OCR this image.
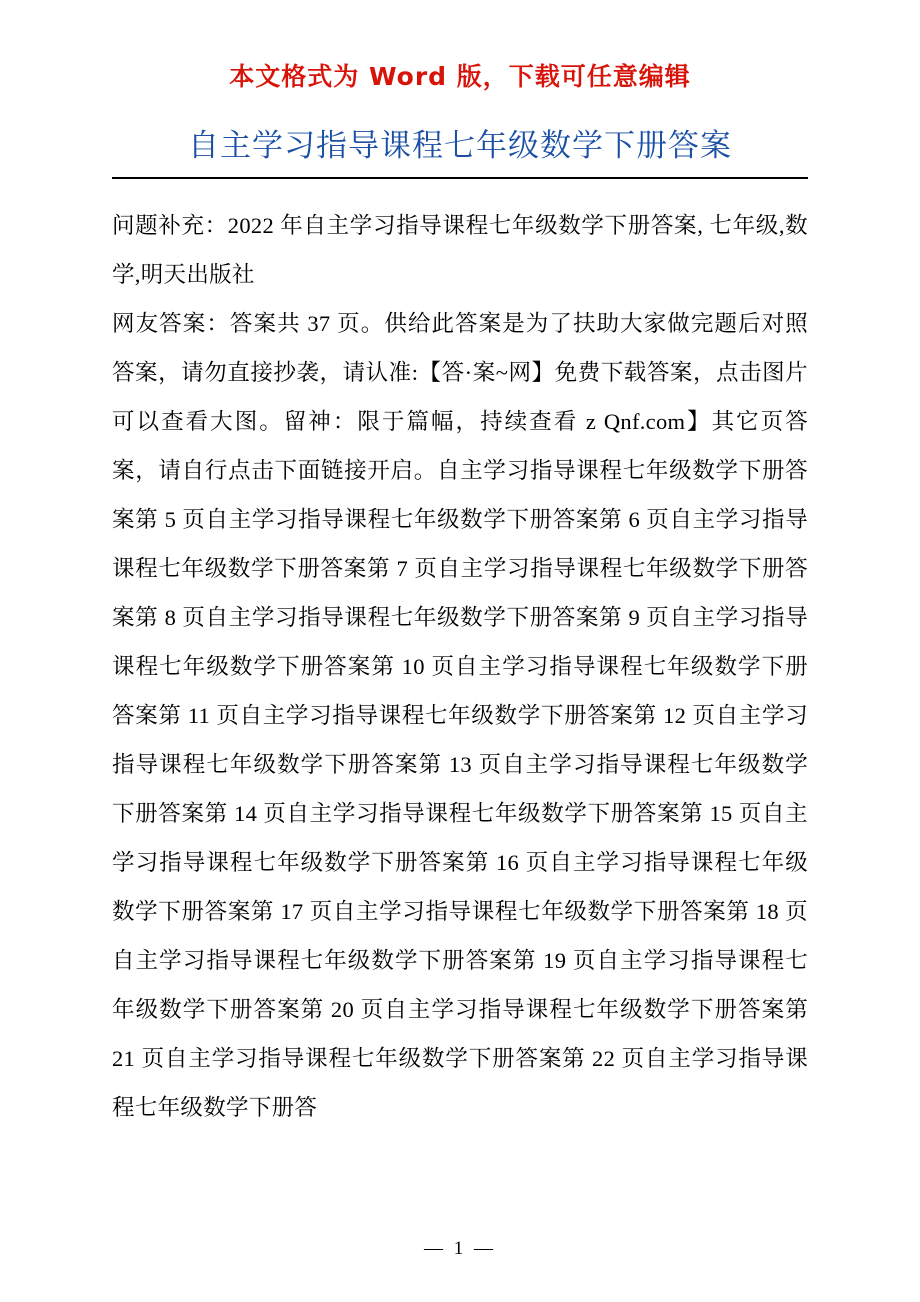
本文格式为 Word 版，下载可任意编辑
自主学习指导课程七年级数学下册答案

问题补充：2022 年自主学习指导课程七年级数学下册答案, 七年级,数学,明天出版社

网友答案：答案共 37 页。供给此答案是为了扶助大家做完题后对照答案，请勿直接抄袭，请认准:【答·案~网】免费下载答案，点击图片可以查看大图。留神：限于篇幅，持续查看 z Qnf.com】其它页答案，请自行点击下面链接开启。自主学习指导课程七年级数学下册答案第 5 页自主学习指导课程七年级数学下册答案第 6 页自主学习指导课程七年级数学下册答案第 7 页自主学习指导课程七年级数学下册答案第 8 页自主学习指导课程七年级数学下册答案第 9 页自主学习指导课程七年级数学下册答案第 10 页自主学习指导课程七年级数学下册答案第 11 页自主学习指导课程七年级数学下册答案第 12 页自主学习指导课程七年级数学下册答案第 13 页自主学习指导课程七年级数学下册答案第 14 页自主学习指导课程七年级数学下册答案第 15 页自主学习指导课程七年级数学下册答案第 16 页自主学习指导课程七年级数学下册答案第 17 页自主学习指导课程七年级数学下册答案第 18 页自主学习指导课程七年级数学下册答案第 19 页自主学习指导课程七年级数学下册答案第 20 页自主学习指导课程七年级数学下册答案第 21 页自主学习指导课程七年级数学下册答案第 22 页自主学习指导课程七年级数学下册答

— 1 —
